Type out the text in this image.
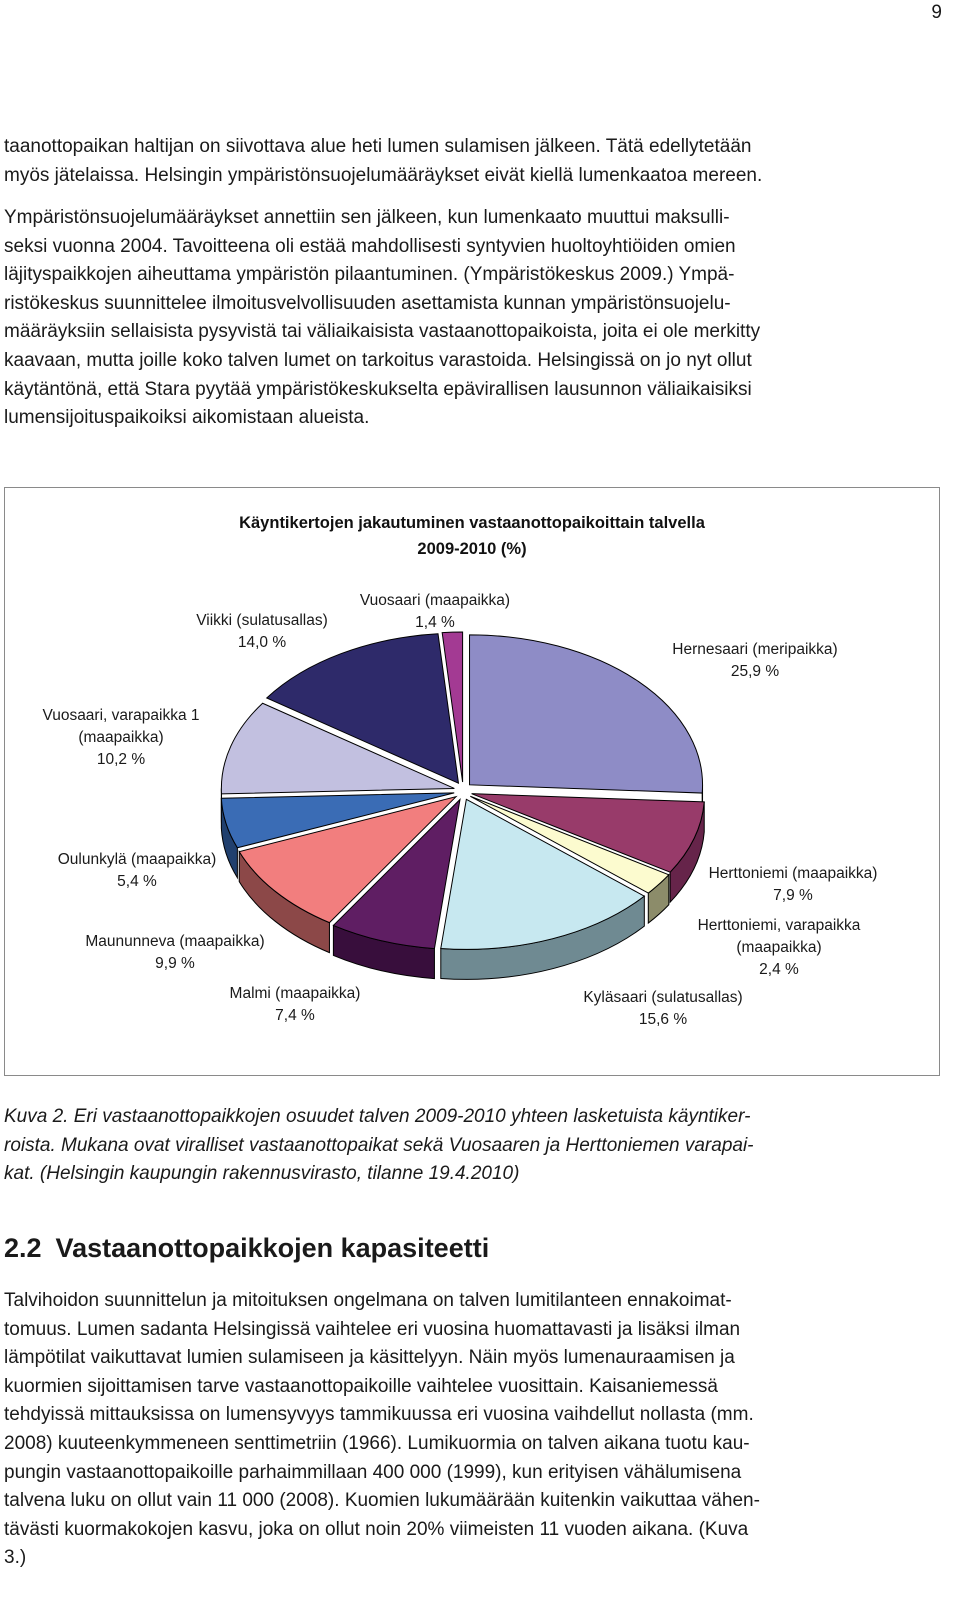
9

taanottopaikan haltijan on siivottava alue heti lumen sulamisen jälkeen. Tätä edellytetään
myös jätelaissa. Helsingin ympäristönsuojelumääräykset eivät kiellä lumenkaatoa mereen.

Ympäristönsuojelumääräykset annettiin sen jälkeen, kun lumenkaato muuttui maksulli-
seksi vuonna 2004. Tavoitteena oli estää mahdollisesti syntyvien huoltoyhtiöiden omien
läjityspaikkojen aiheuttama ympäristön pilaantuminen. (Ympäristökeskus 2009.) Ympä-
ristökeskus suunnittelee ilmoitusvelvollisuuden asettamista kunnan ympäristönsuojelu-
määräyksiin sellaisista pysyvistä tai väliaikaisista vastaanottopaikoista, joita ei ole merkitty
kaavaan, mutta joille koko talven lumet on tarkoitus varastoida. Helsingissä on jo nyt ollut
käytäntönä, että Stara pyytää ympäristökeskukselta epävirallisen lausunnon väliaikaisiksi
lumensijoituspaikoiksi aikomistaan alueista.

Käyntikertojen jakautuminen vastaanottopaikoittain talvella
2009-2010 (%)
Hernesaari (meripaikka) 25,9 %
Herttoniemi (maapaikka) 7,9 %
Herttoniemi, varapaikka (maapaikka) 2,4 %
Kyläsaari (sulatusallas) 15,6 %
Malmi (maapaikka) 7,4 %
Maununneva (maapaikka) 9,9 %
Oulunkylä (maapaikka) 5,4 %
Vuosaari, varapaikka 1 (maapaikka) 10,2 %
Viikki (sulatusallas) 14,0 %
Vuosaari (maapaikka) 1,4 %

Kuva 2. Eri vastaanottopaikkojen osuudet talven 2009-2010 yhteen lasketuista käyntiker-
roista. Mukana ovat viralliset vastaanottopaikat sekä Vuosaaren ja Herttoniemen varapai-
kat. (Helsingin kaupungin rakennusvirasto, tilanne 19.4.2010)

2.2 Vastaanottopaikkojen kapasiteetti

Talvihoidon suunnittelun ja mitoituksen ongelmana on talven lumitilanteen ennakoimat-
tomuus. Lumen sadanta Helsingissä vaihtelee eri vuosina huomattavasti ja lisäksi ilman
lämpötilat vaikuttavat lumien sulamiseen ja käsittelyyn. Näin myös lumenauraamisen ja
kuormien sijoittamisen tarve vastaanottopaikoille vaihtelee vuosittain. Kaisaniemessä
tehdyissä mittauksissa on lumensyvyys tammikuussa eri vuosina vaihdellut nollasta (mm.
2008) kuuteenkymmeneen senttimetriin (1966). Lumikuormia on talven aikana tuotu kau-
pungin vastaanottopaikoille parhaimmillaan 400 000 (1999), kun erityisen vähälumisena
talvena luku on ollut vain 11 000 (2008). Kuomien lukumäärään kuitenkin vaikuttaa vähen-
tävästi kuormakokojen kasvu, joka on ollut noin 20% viimeisten 11 vuoden aikana. (Kuva
3.)
